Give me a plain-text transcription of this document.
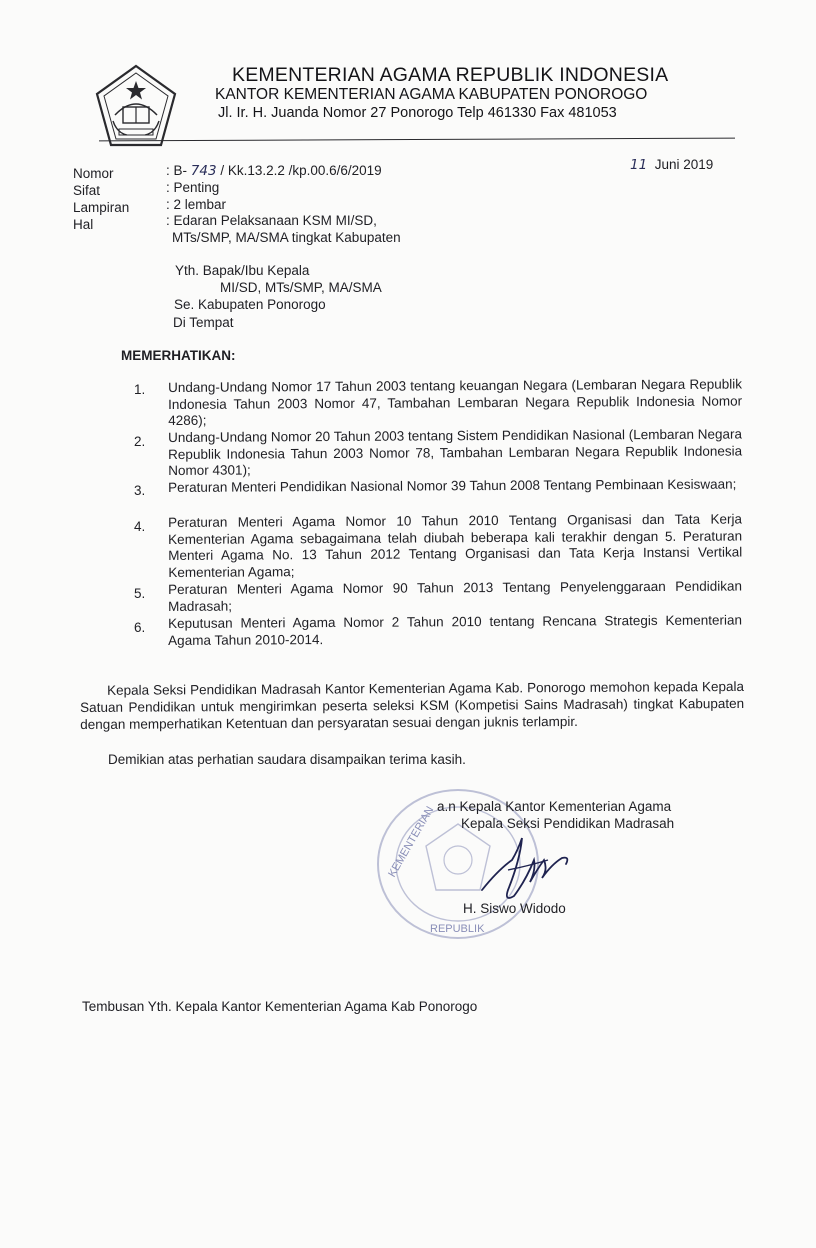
KEMENTERIAN AGAMA REPUBLIK INDONESIA
KANTOR KEMENTERIAN AGAMA KABUPATEN PONOROGO
Jl. Ir. H. Juanda Nomor 27 Ponorogo Telp 461330 Fax 481053
Nomor	: B- 743 / Kk.13.2.2 /kp.00.6/6/2019	11 Juni 2019
Sifat	: Penting
Lampiran	: 2 lembar
Hal	: Edaran Pelaksanaan KSM MI/SD,
MTs/SMP, MA/SMA tingkat Kabupaten
Yth. Bapak/Ibu Kepala
MI/SD, MTs/SMP, MA/SMA
Se. Kabupaten Ponorogo
Di Tempat
MEMERHATIKAN:
1. Undang-Undang Nomor 17 Tahun 2003 tentang keuangan Negara (Lembaran Negara Republik Indonesia Tahun 2003 Nomor 47, Tambahan Lembaran Negara Republik Indonesia Nomor 4286);
2. Undang-Undang Nomor 20 Tahun 2003 tentang Sistem Pendidikan Nasional (Lembaran Negara Republik Indonesia Tahun 2003 Nomor 78, Tambahan Lembaran Negara Republik Indonesia Nomor 4301);
3. Peraturan Menteri Pendidikan Nasional Nomor 39 Tahun 2008 Tentang Pembinaan Kesiswaan;
4. Peraturan Menteri Agama Nomor 10 Tahun 2010 Tentang Organisasi dan Tata Kerja Kementerian Agama sebagaimana telah diubah beberapa kali terakhir dengan 5. Peraturan Menteri Agama No. 13 Tahun 2012 Tentang Organisasi dan Tata Kerja Instansi Vertikal Kementerian Agama;
5. Peraturan Menteri Agama Nomor 90 Tahun 2013 Tentang Penyelenggaraan Pendidikan Madrasah;
6. Keputusan Menteri Agama Nomor 2 Tahun 2010 tentang Rencana Strategis Kementerian Agama Tahun 2010-2014.
Kepala Seksi Pendidikan Madrasah Kantor Kementerian Agama Kab. Ponorogo memohon kepada Kepala Satuan Pendidikan untuk mengirimkan peserta seleksi KSM (Kompetisi Sains Madrasah) tingkat Kabupaten dengan memperhatikan Ketentuan dan persyaratan sesuai dengan juknis terlampir.
Demikian atas perhatian saudara disampaikan terima kasih.
KEMENTERIAN
REPUBLIK
a.n Kepala Kantor Kementerian Agama
Kepala Seksi Pendidikan Madrasah
H. Siswo Widodo
Tembusan Yth. Kepala Kantor Kementerian Agama Kab Ponorogo
